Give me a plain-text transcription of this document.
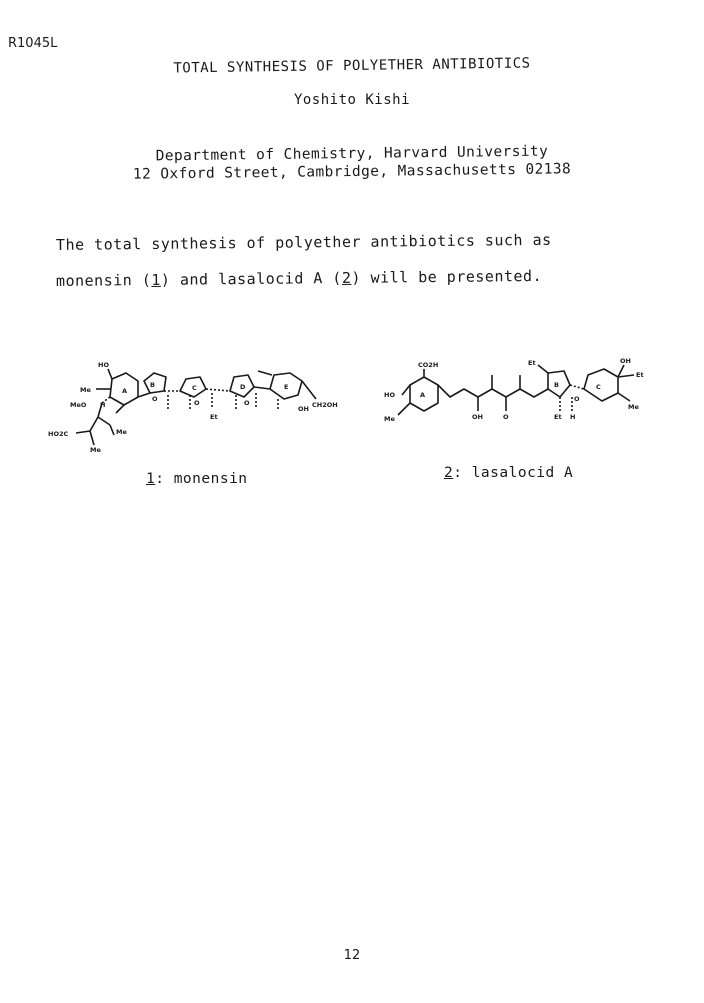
R1045L
TOTAL SYNTHESIS OF POLYETHER ANTIBIOTICS
Yoshito Kishi
Department of Chemistry, Harvard University
12 Oxford Street, Cambridge, Massachusetts 02138
The total synthesis of polyether antibiotics such as
monensin (1) and lasalocid A (2) will be presented.
HO
Me
MeO H
HO2C
Me
Me
A
B	C	D	E
O	O	O
Et
OH CH2OH
CO2H
HO
Me
A
OH	O
B	C
O
Et
Et H
OH
Et
Me
1: monensin	2: lasalocid A
12
